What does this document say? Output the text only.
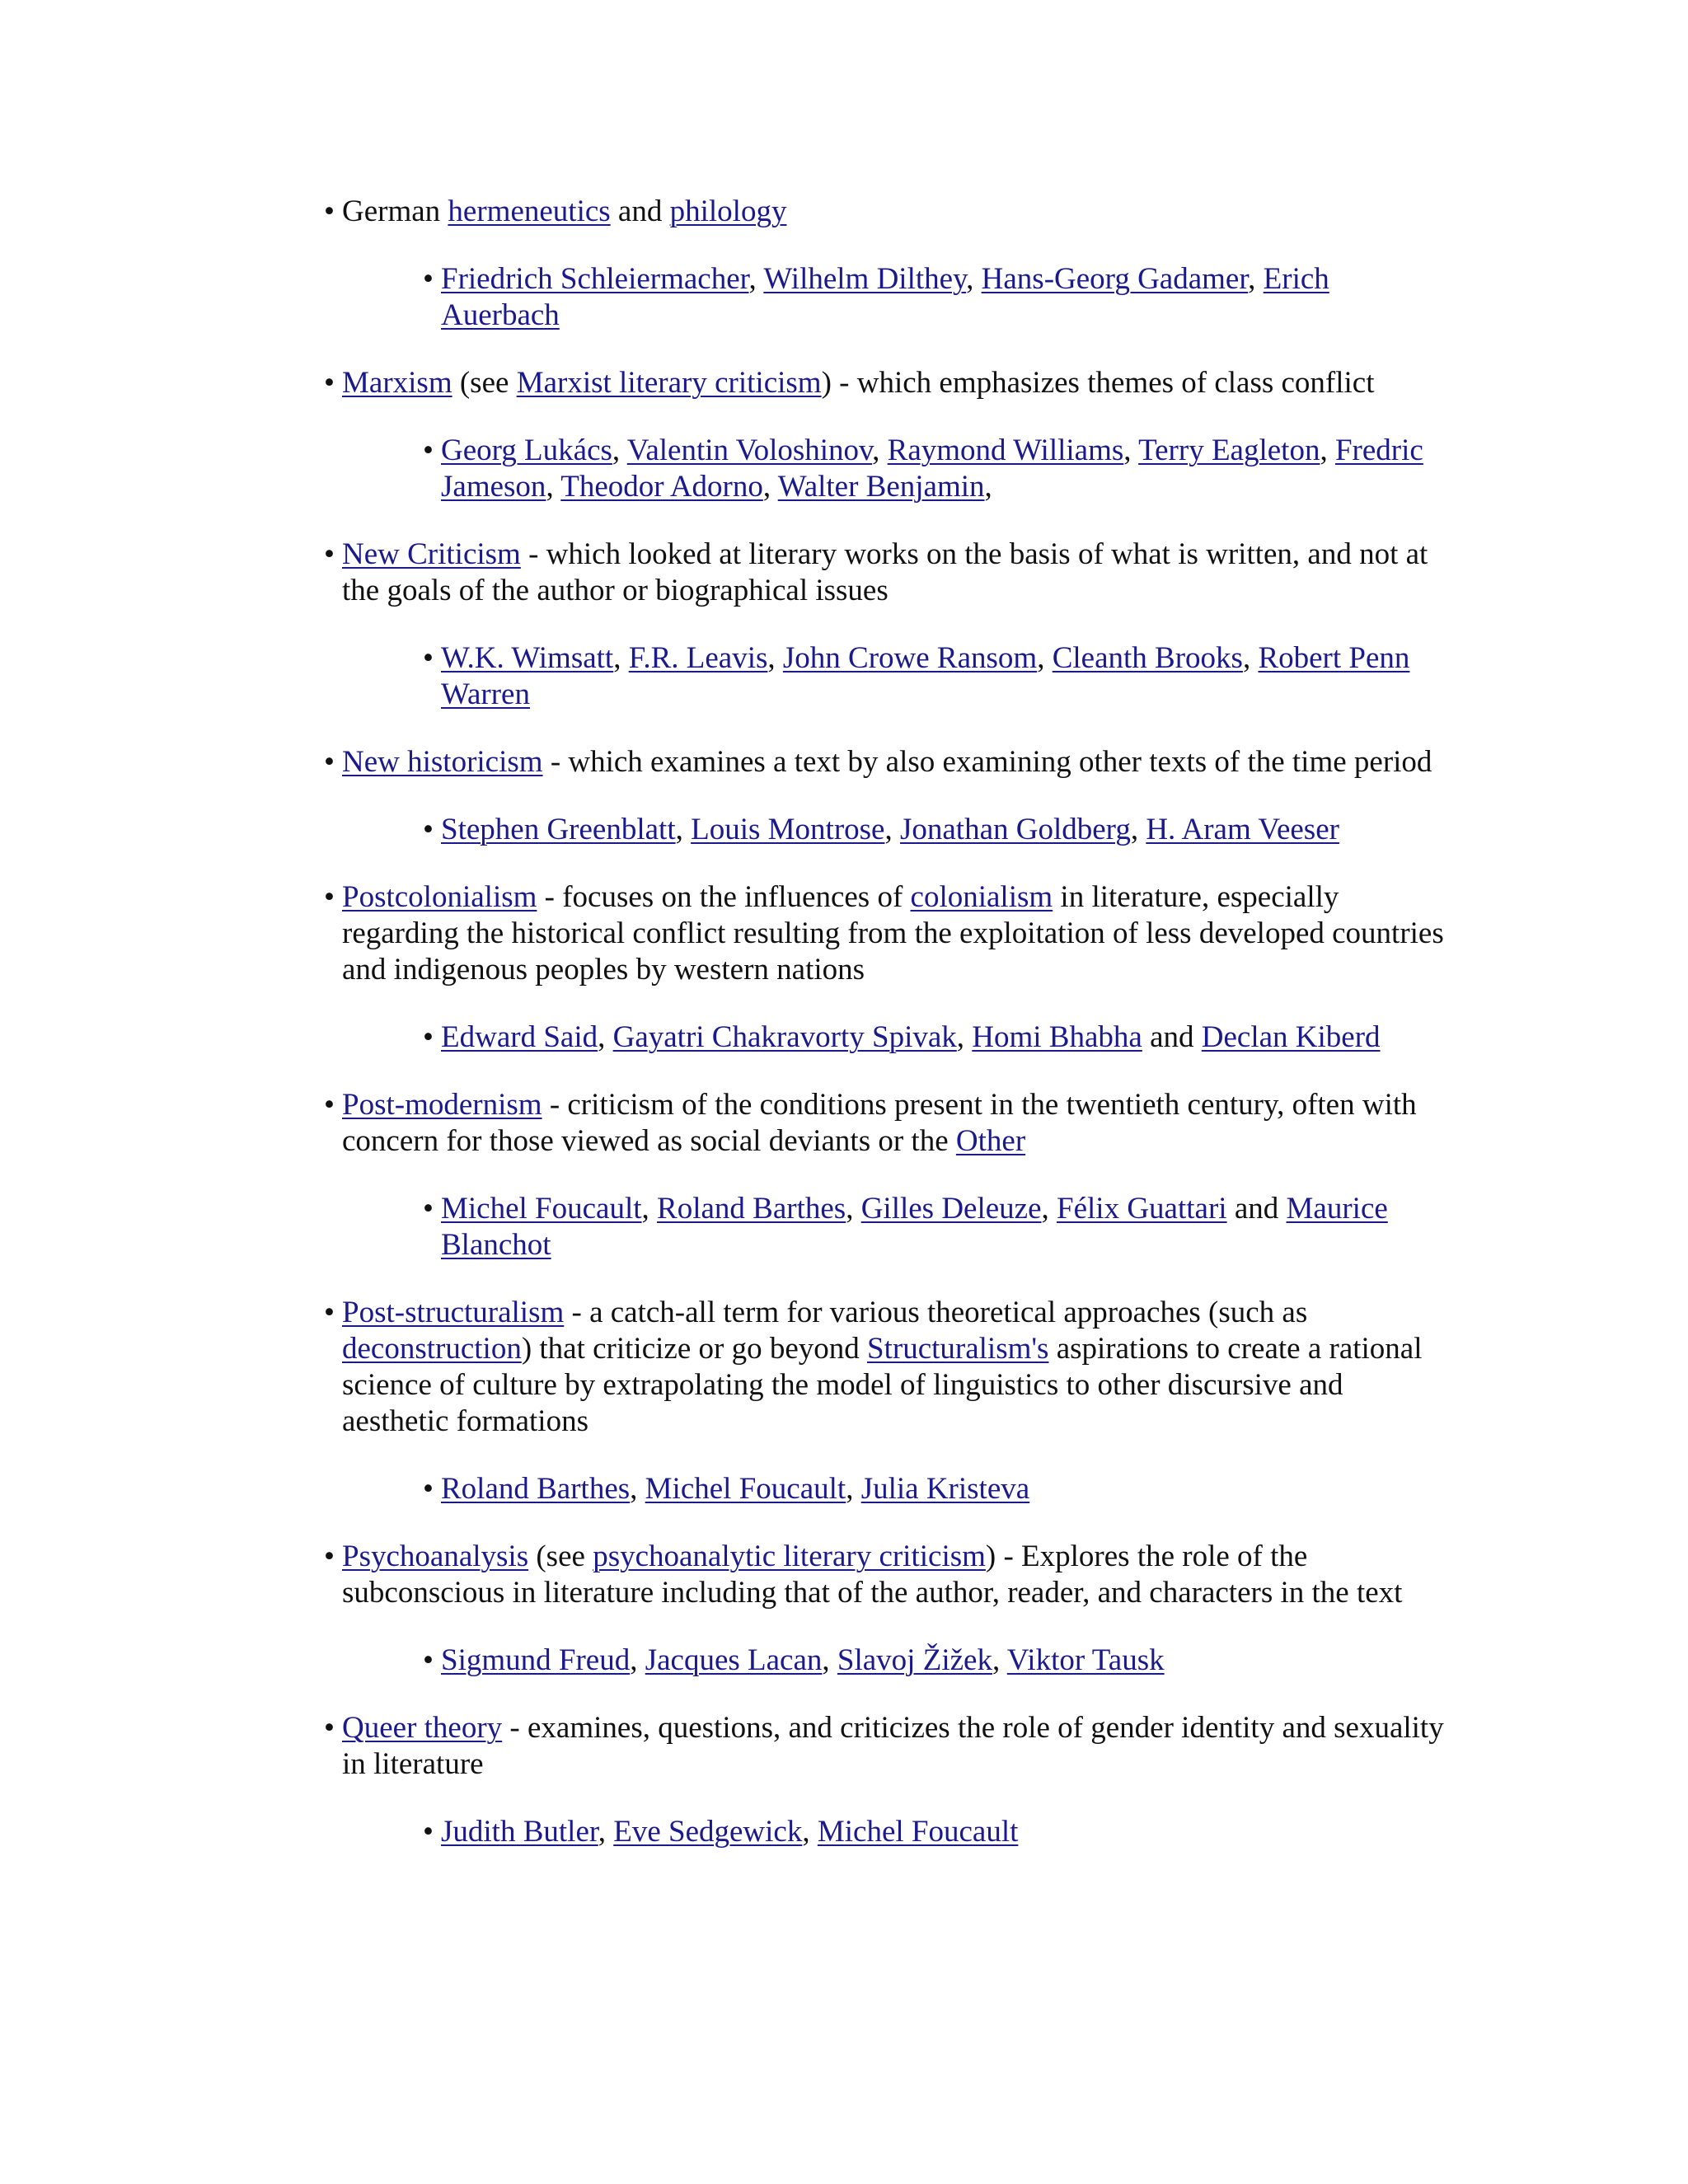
• German hermeneutics and philology
• Friedrich Schleiermacher, Wilhelm Dilthey, Hans-Georg Gadamer, Erich Auerbach
• Marxism (see Marxist literary criticism) - which emphasizes themes of class conflict
• Georg Lukács, Valentin Voloshinov, Raymond Williams, Terry Eagleton, Fredric Jameson, Theodor Adorno, Walter Benjamin,
• New Criticism - which looked at literary works on the basis of what is written, and not at the goals of the author or biographical issues
• W.K. Wimsatt, F.R. Leavis, John Crowe Ransom, Cleanth Brooks, Robert Penn Warren
• New historicism - which examines a text by also examining other texts of the time period
• Stephen Greenblatt, Louis Montrose, Jonathan Goldberg, H. Aram Veeser
• Postcolonialism - focuses on the influences of colonialism in literature, especially regarding the historical conflict resulting from the exploitation of less developed countries and indigenous peoples by western nations
• Edward Said, Gayatri Chakravorty Spivak, Homi Bhabha and Declan Kiberd
• Post-modernism - criticism of the conditions present in the twentieth century, often with concern for those viewed as social deviants or the Other
• Michel Foucault, Roland Barthes, Gilles Deleuze, Félix Guattari and Maurice Blanchot
• Post-structuralism - a catch-all term for various theoretical approaches (such as deconstruction) that criticize or go beyond Structuralism's aspirations to create a rational science of culture by extrapolating the model of linguistics to other discursive and aesthetic formations
• Roland Barthes, Michel Foucault, Julia Kristeva
• Psychoanalysis (see psychoanalytic literary criticism) - Explores the role of the subconscious in literature including that of the author, reader, and characters in the text
• Sigmund Freud, Jacques Lacan, Slavoj Žižek, Viktor Tausk
• Queer theory - examines, questions, and criticizes the role of gender identity and sexuality in literature
• Judith Butler, Eve Sedgewick, Michel Foucault
